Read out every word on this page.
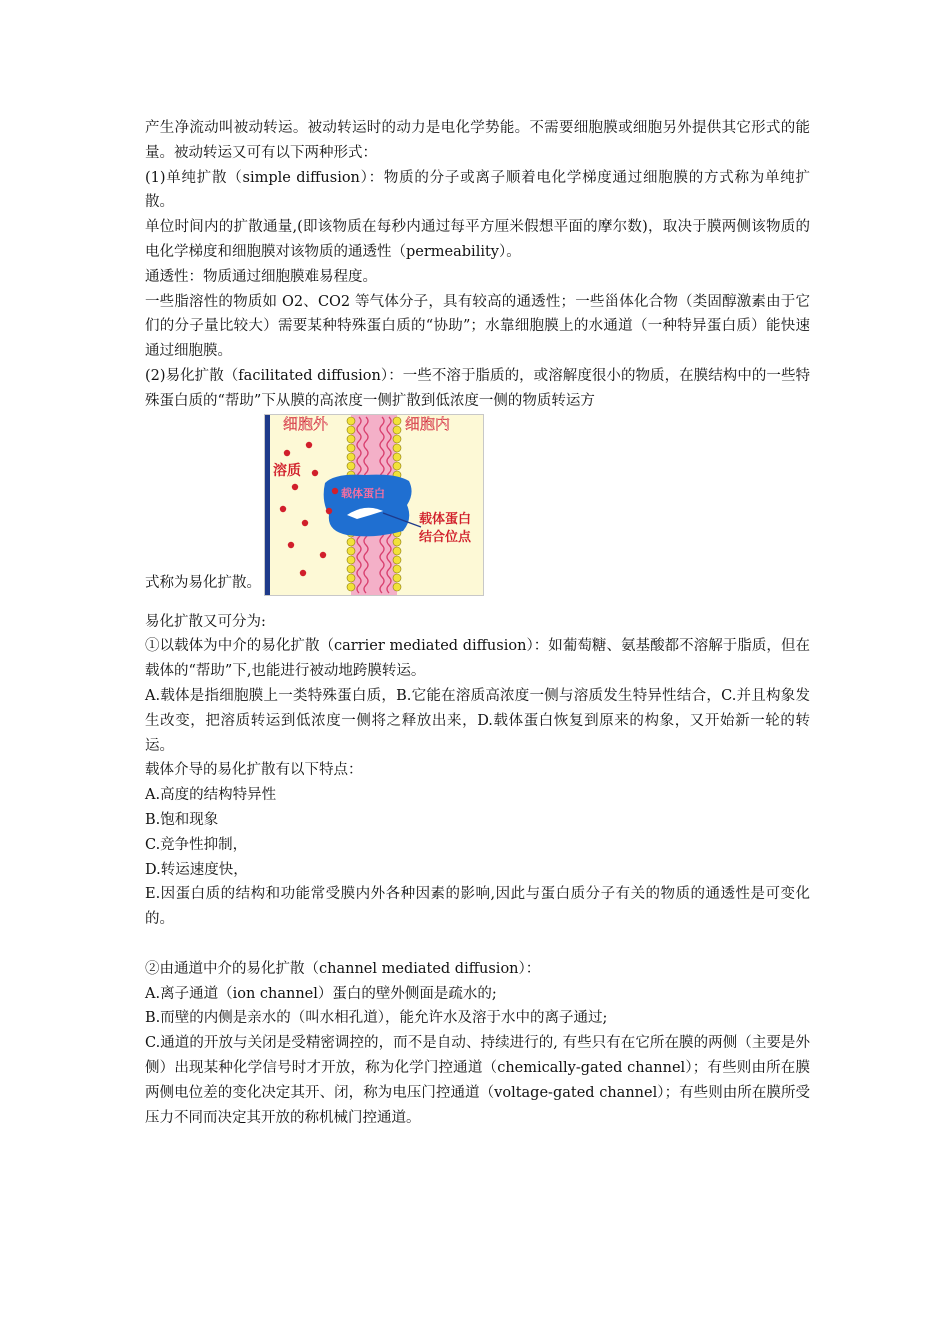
产生净流动叫被动转运。被动转运时的动力是电化学势能。不需要细胞膜或细胞另外提供其它形式的能量。被动转运又可有以下两种形式：

(1)单纯扩散（simple diffusion）：物质的分子或离子顺着电化学梯度通过细胞膜的方式称为单纯扩散。

单位时间内的扩散通量,(即该物质在每秒内通过每平方厘米假想平面的摩尔数)，取决于膜两侧该物质的电化学梯度和细胞膜对该物质的通透性（permeability）。

通透性：物质通过细胞膜难易程度。

一些脂溶性的物质如 O2、CO2 等气体分子，具有较高的通透性；一些甾体化合物（类固醇激素由于它们的分子量比较大）需要某种特殊蛋白质的“协助”；水靠细胞膜上的水通道（一种特异蛋白质）能快速通过细胞膜。

(2)易化扩散（facilitated diffusion）：一些不溶于脂质的，或溶解度很小的物质，在膜结构中的一些特殊蛋白质的“帮助”下从膜的高浓度一侧扩散到低浓度一侧的物质转运方

式称为易化扩散。
细胞外	细胞内
溶质
载体蛋白
载体蛋白
结合位点

易化扩散又可分为:

①以载体为中介的易化扩散（carrier mediated diffusion）：如葡萄糖、氨基酸都不溶解于脂质，但在载体的“帮助”下,也能进行被动地跨膜转运。

A.载体是指细胞膜上一类特殊蛋白质，B.它能在溶质高浓度一侧与溶质发生特异性结合，C.并且构象发生改变，把溶质转运到低浓度一侧将之释放出来，D.载体蛋白恢复到原来的构象，又开始新一轮的转运。

载体介导的易化扩散有以下特点：

A.高度的结构特异性

B.饱和现象

C.竞争性抑制，

D.转运速度快，

E.因蛋白质的结构和功能常受膜内外各种因素的影响,因此与蛋白质分子有关的物质的通透性是可变化的。

②由通道中介的易化扩散（channel mediated diffusion）：

A.离子通道（ion channel）蛋白的壁外侧面是疏水的;

B.而壁的内侧是亲水的（叫水相孔道），能允许水及溶于水中的离子通过;

C.通道的开放与关闭是受精密调控的，而不是自动、持续进行的, 有些只有在它所在膜的两侧（主要是外侧）出现某种化学信号时才开放，称为化学门控通道（chemically-gated channel）；有些则由所在膜两侧电位差的变化决定其开、闭，称为电压门控通道（voltage-gated channel）；有些则由所在膜所受压力不同而决定其开放的称机械门控通道。
